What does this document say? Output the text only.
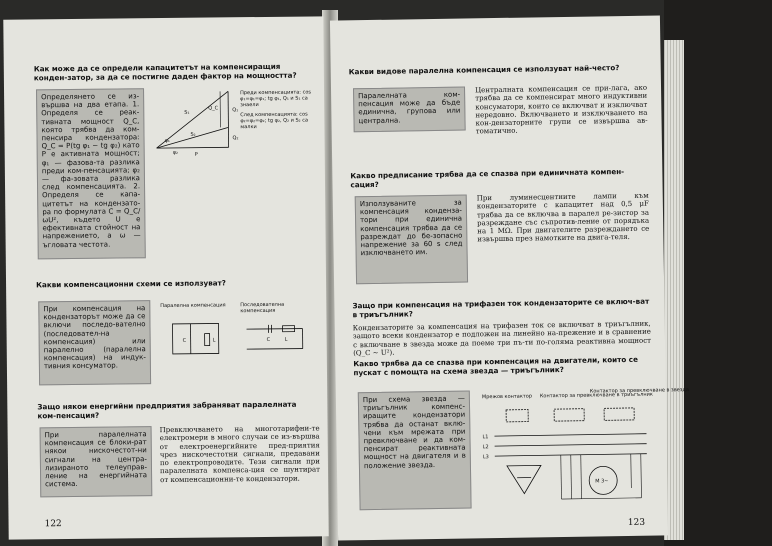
Как може да се определи капацитетът на компенсиращия конден-затор, за да се постигне даден фактор на мощността?
Определянето се из-вършва на два етапа. 1. Определя се реак-тивната мощност Q_C, която трябва да ком-пенсира кондензатора: Q_C = P(tg φ₁ − tg φ₂) като P е активната мощност; φ₁ — фазова-та разлика преди ком-пенсацията; φ₂ — фа-зовата разлика след компенсацията. 2. Определя се капа-цитетът на кондензато-ра по формулата C = Q_C/ωU², където U е ефективната стойност на напрежението, а ω — ъгловата честота.
S₁	Q₁
S₂
Q₂
Q_C
φ₁
φ₂	P
Преди компенсацията: cos φ₁=φ₁=φ₁; tg φ₁, Q₁ и S₁ са знаели
След компенсацията: cos φ₂=φ₂=φ₂; tg φ₂, Q₂ и S₂ са малки
Какви компенсационни схеми се използуват?
При компенсация на кондензаторът може да се включи последо-вателно (последовател-на компенсация) или паралелно (паралелна компенсация) на индук-тивния консуматор.
Паралелна компенсация	Последователна компенсация
C	L	C	L
Защо някои енергийни предприятия забраняват паралелната ком-пенсация?
При паралелната компенсация се блоки-рат някои нискочестот-ни сигнали на центра-лизираното телеуправ-ление на енергийната система.
Превключването на многотарифни-те електромери в много случаи се из-вършва от електроенергийните пред-приятия чрез нискочестотни сигнали, предавани по електропроводите. Тези сигнали при паралелната компенса-ция се шунтират от компенсационни-те кондензатори.
122
Какви видове паралелна компенсация се използуват най-често?
Паралелната ком-пенсация може да бъде единична, групова или централна.
Централната компенсация се при-лага, ако трябва да се компенсират много индуктивни консуматори, които се включват и изключват нередовно. Включването и изключването на кон-дензаторните групи се извършва ав-томатично.
Какво предписание трябва да се спазва при единичната компен-сация?
Използуваните за компенсация кондензa-тори при единична компенсация трябва да се разреждат до бе-зопасно напрежение за 60 s след изключването им.
При луминесцентните лампи към кондензаторите с капацитет над 0,5 μF трябва да се включва в паралел ре-зистор за разреждане със съпротив-ление от порядъка на 1 MΩ. При двигателите разреждането се извършва през намотките на двига-теля.
Защо при компенсация на трифазен ток кондензаторите се включ-ват в триъгълник?
Кондензаторите за компенсация на трифазен ток се включват в триъгълник, защото всеки кондензатор е подложен на линейно на-прежение и в сравнение с включване в звезда може да поеме три пъ-ти по-голяма реактивна мощност (Q_C ~ U²).
Какво трябва да се спазва при компенсация на двигатели, които се пускат с помощта на схема звезда — триъгълник?
При схема звезда — триъгълник компенс-иращите кондензатори трябва да останат вклю-чени към мрежата при превключване и да ком-пенсират реактивната мощност на двигателя и в положение звезда.
Мрежов контактор Контактор за превключване в триъгълник
Контактор за превключване в звезда
L1
L2
L3
M 3~
123
